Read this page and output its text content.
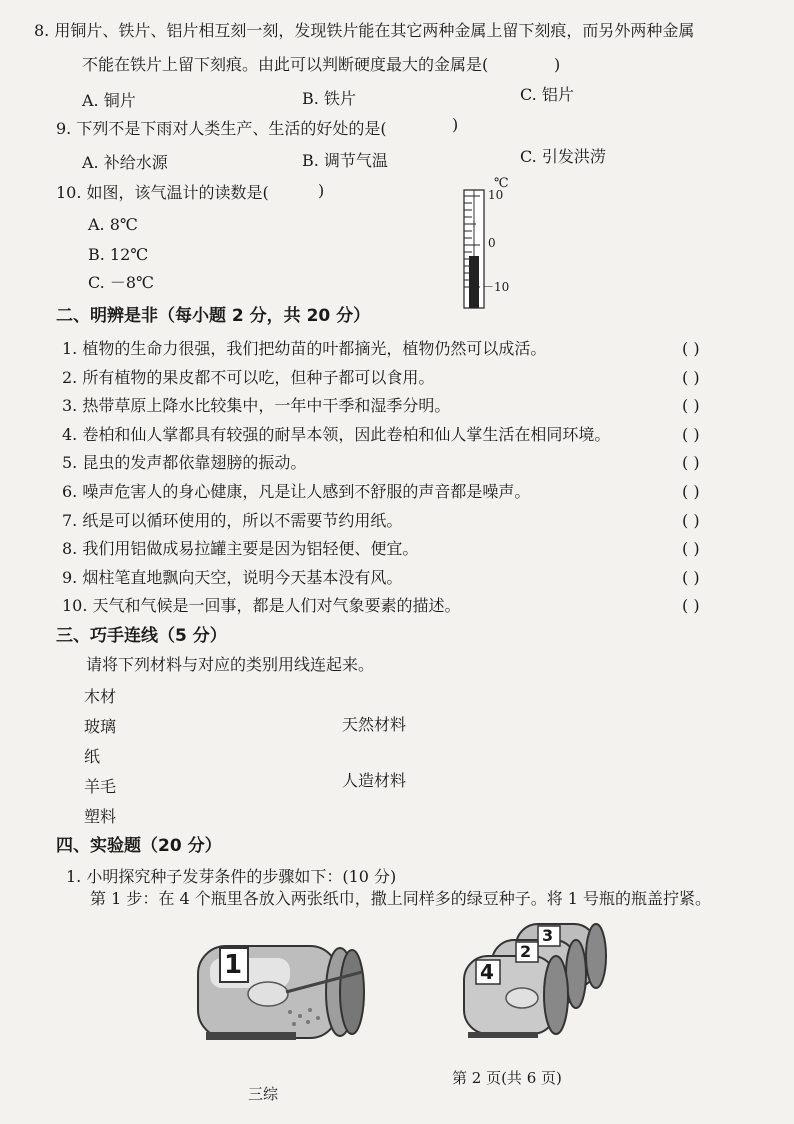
8. 用铜片、铁片、铝片相互刻一刻，发现铁片能在其它两种金属上留下刻痕，而另外两种金属
不能在铁片上留下刻痕。由此可以判断硬度最大的金属是(	)
A. 铜片	B. 铁片	C. 铝片
9. 下列不是下雨对人类生产、生活的好处的是(	)
A. 补给水源	B. 调节气温	C. 引发洪涝
10. 如图，该气温计的读数是(	)
A. 8℃
B. 12℃
C. －8℃
℃
10
0
－10
二、明辨是非（每小题 2 分，共 20 分）
1. 植物的生命力很强，我们把幼苗的叶都摘光，植物仍然可以成活。	( )
2. 所有植物的果皮都不可以吃，但种子都可以食用。	( )
3. 热带草原上降水比较集中，一年中干季和湿季分明。	( )
4. 卷柏和仙人掌都具有较强的耐旱本领，因此卷柏和仙人掌生活在相同环境。	( )
5. 昆虫的发声都依靠翅膀的振动。	( )
6. 噪声危害人的身心健康，凡是让人感到不舒服的声音都是噪声。	( )
7. 纸是可以循环使用的，所以不需要节约用纸。	( )
8. 我们用铝做成易拉罐主要是因为铝轻便、便宜。	( )
9. 烟柱笔直地飘向天空，说明今天基本没有风。	( )
10. 天气和气候是一回事，都是人们对气象要素的描述。	( )
三、巧手连线（5 分）
请将下列材料与对应的类别用线连起来。
木材
玻璃
纸
羊毛
塑料
天然材料
人造材料
四、实验题（20 分）
1. 小明探究种子发芽条件的步骤如下：(10 分)
第 1 步：在 4 个瓶里各放入两张纸巾，撒上同样多的绿豆种子。将 1 号瓶的瓶盖拧紧。
1	2
3
4
三综
第 2 页(共 6 页)
